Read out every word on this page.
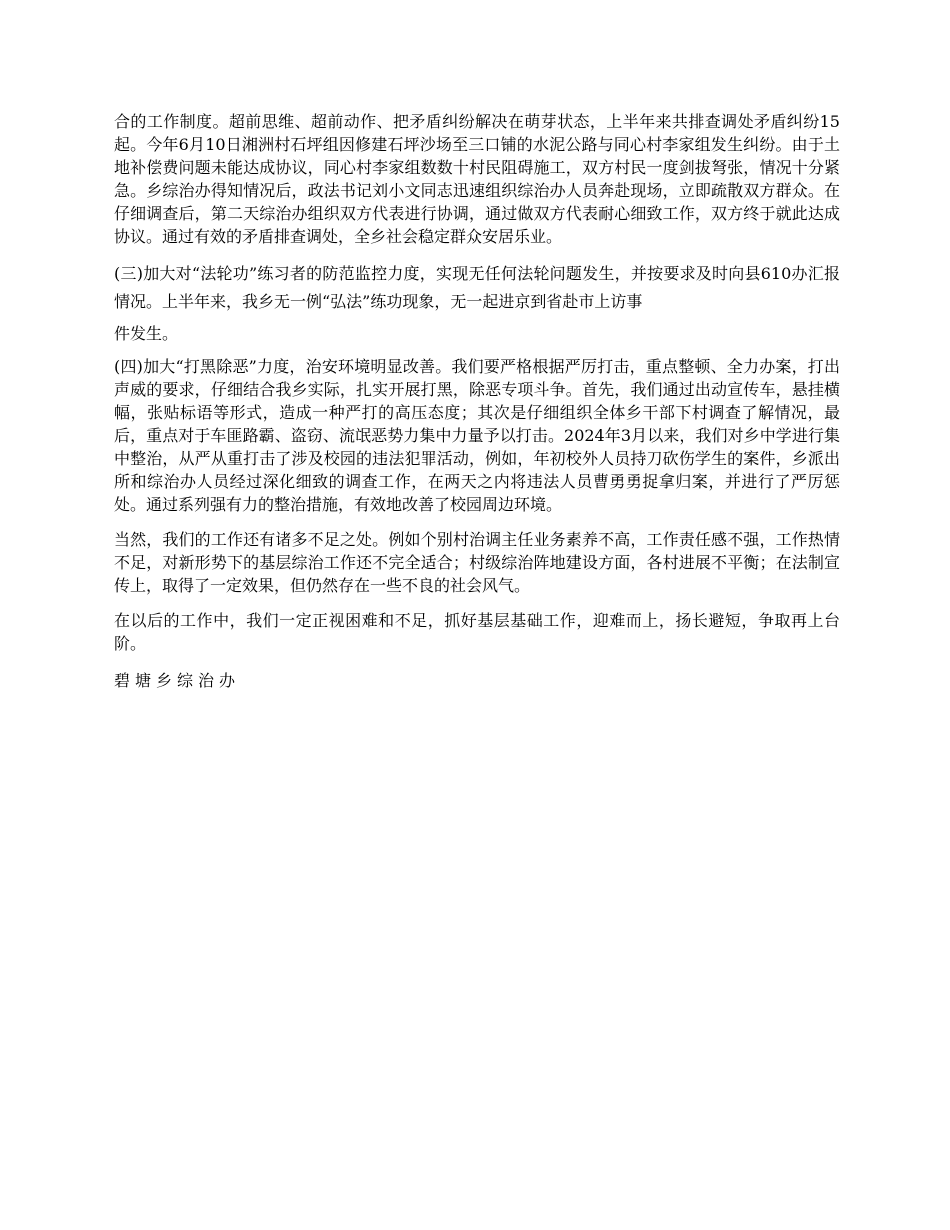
合的工作制度。超前思维、超前动作、把矛盾纠纷解决在萌芽状态，上半年来共排查调处矛盾纠纷15起。今年6月10日湘洲村石坪组因修建石坪沙场至三口铺的水泥公路与同心村李家组发生纠纷。由于土地补偿费问题未能达成协议，同心村李家组数数十村民阻碍施工，双方村民一度剑拔弩张，情况十分紧急。乡综治办得知情况后，政法书记刘小文同志迅速组织综治办人员奔赴现场，立即疏散双方群众。在仔细调查后，第二天综治办组织双方代表进行协调，通过做双方代表耐心细致工作，双方终于就此达成协议。通过有效的矛盾排查调处，全乡社会稳定群众安居乐业。

(三)加大对“法轮功”练习者的防范监控力度，实现无任何法轮问题发生，并按要求及时向县610办汇报情况。上半年来，我乡无一例“弘法”练功现象，无一起进京到省赴市上访事

件发生。

(四)加大“打黑除恶”力度，治安环境明显改善。我们要严格根据严厉打击，重点整顿、全力办案，打出声威的要求，仔细结合我乡实际，扎实开展打黑，除恶专项斗争。首先，我们通过出动宣传车，悬挂横幅，张贴标语等形式，造成一种严打的高压态度；其次是仔细组织全体乡干部下村调查了解情况，最后，重点对于车匪路霸、盗窃、流氓恶势力集中力量予以打击。2024年3月以来，我们对乡中学进行集中整治，从严从重打击了涉及校园的违法犯罪活动，例如，年初校外人员持刀砍伤学生的案件，乡派出所和综治办人员经过深化细致的调查工作，在两天之内将违法人员曹勇勇捉拿归案，并进行了严厉惩处。通过系列强有力的整治措施，有效地改善了校园周边环境。

当然，我们的工作还有诸多不足之处。例如个别村治调主任业务素养不高，工作责任感不强，工作热情不足，对新形势下的基层综治工作还不完全适合；村级综治阵地建设方面，各村进展不平衡；在法制宣传上，取得了一定效果，但仍然存在一些不良的社会风气。

在以后的工作中，我们一定正视困难和不足，抓好基层基础工作，迎难而上，扬长避短，争取再上台阶。

碧塘乡综治办
